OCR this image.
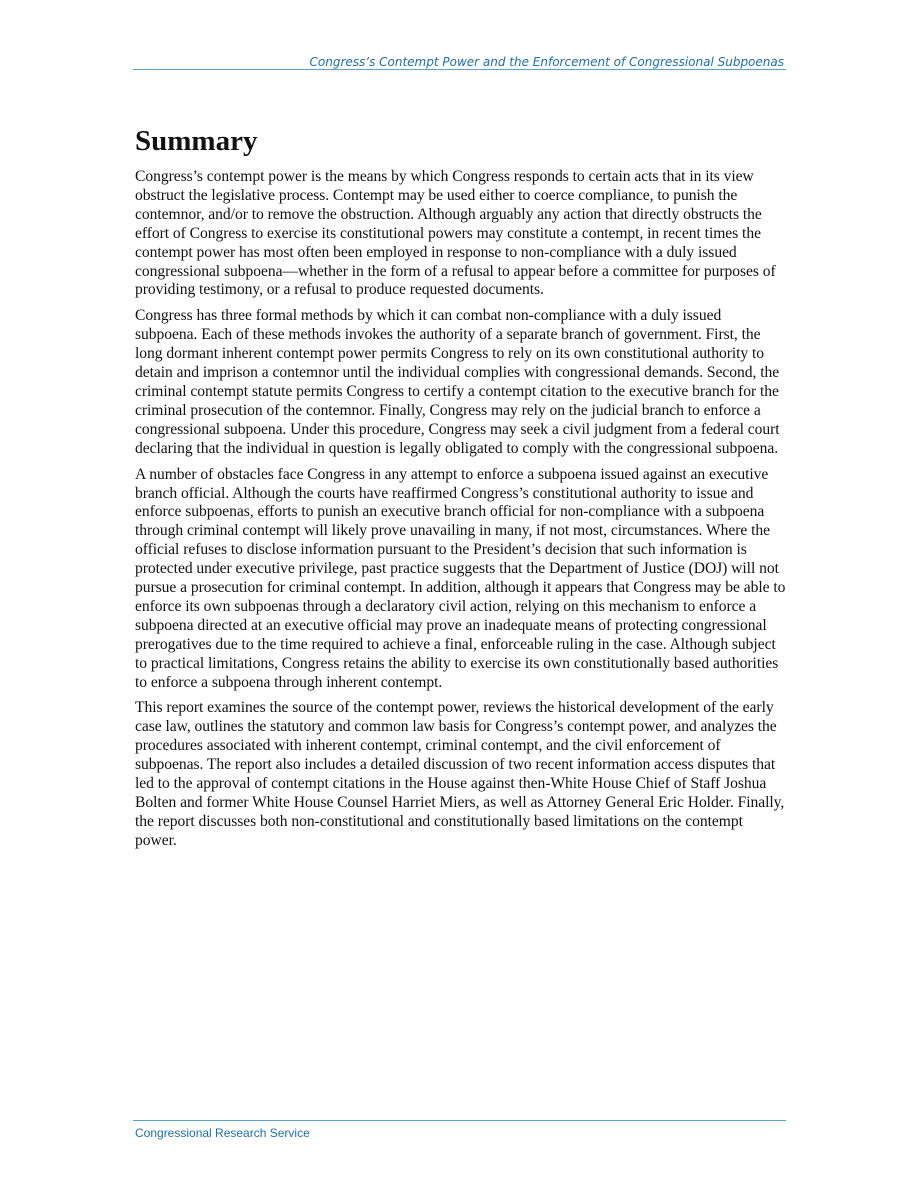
Congress’s Contempt Power and the Enforcement of Congressional Subpoenas
Summary

Congress’s contempt power is the means by which Congress responds to certain acts that in its view obstruct the legislative process. Contempt may be used either to coerce compliance, to punish the contemnor, and/or to remove the obstruction. Although arguably any action that directly obstructs the effort of Congress to exercise its constitutional powers may constitute a contempt, in recent times the contempt power has most often been employed in response to non-compliance with a duly issued congressional subpoena—whether in the form of a refusal to appear before a committee for purposes of providing testimony, or a refusal to produce requested documents.

Congress has three formal methods by which it can combat non-compliance with a duly issued subpoena. Each of these methods invokes the authority of a separate branch of government. First, the long dormant inherent contempt power permits Congress to rely on its own constitutional authority to detain and imprison a contemnor until the individual complies with congressional demands. Second, the criminal contempt statute permits Congress to certify a contempt citation to the executive branch for the criminal prosecution of the contemnor. Finally, Congress may rely on the judicial branch to enforce a congressional subpoena. Under this procedure, Congress may seek a civil judgment from a federal court declaring that the individual in question is legally obligated to comply with the congressional subpoena.

A number of obstacles face Congress in any attempt to enforce a subpoena issued against an executive branch official. Although the courts have reaffirmed Congress’s constitutional authority to issue and enforce subpoenas, efforts to punish an executive branch official for non-compliance with a subpoena through criminal contempt will likely prove unavailing in many, if not most, circumstances. Where the official refuses to disclose information pursuant to the President’s decision that such information is protected under executive privilege, past practice suggests that the Department of Justice (DOJ) will not pursue a prosecution for criminal contempt. In addition, although it appears that Congress may be able to enforce its own subpoenas through a declaratory civil action, relying on this mechanism to enforce a subpoena directed at an executive official may prove an inadequate means of protecting congressional prerogatives due to the time required to achieve a final, enforceable ruling in the case. Although subject to practical limitations, Congress retains the ability to exercise its own constitutionally based authorities to enforce a subpoena through inherent contempt.

This report examines the source of the contempt power, reviews the historical development of the early case law, outlines the statutory and common law basis for Congress’s contempt power, and analyzes the procedures associated with inherent contempt, criminal contempt, and the civil enforcement of subpoenas. The report also includes a detailed discussion of two recent information access disputes that led to the approval of contempt citations in the House against then-White House Chief of Staff Joshua Bolten and former White House Counsel Harriet Miers, as well as Attorney General Eric Holder. Finally, the report discusses both non-constitutional and constitutionally based limitations on the contempt power.

Congressional Research Service
